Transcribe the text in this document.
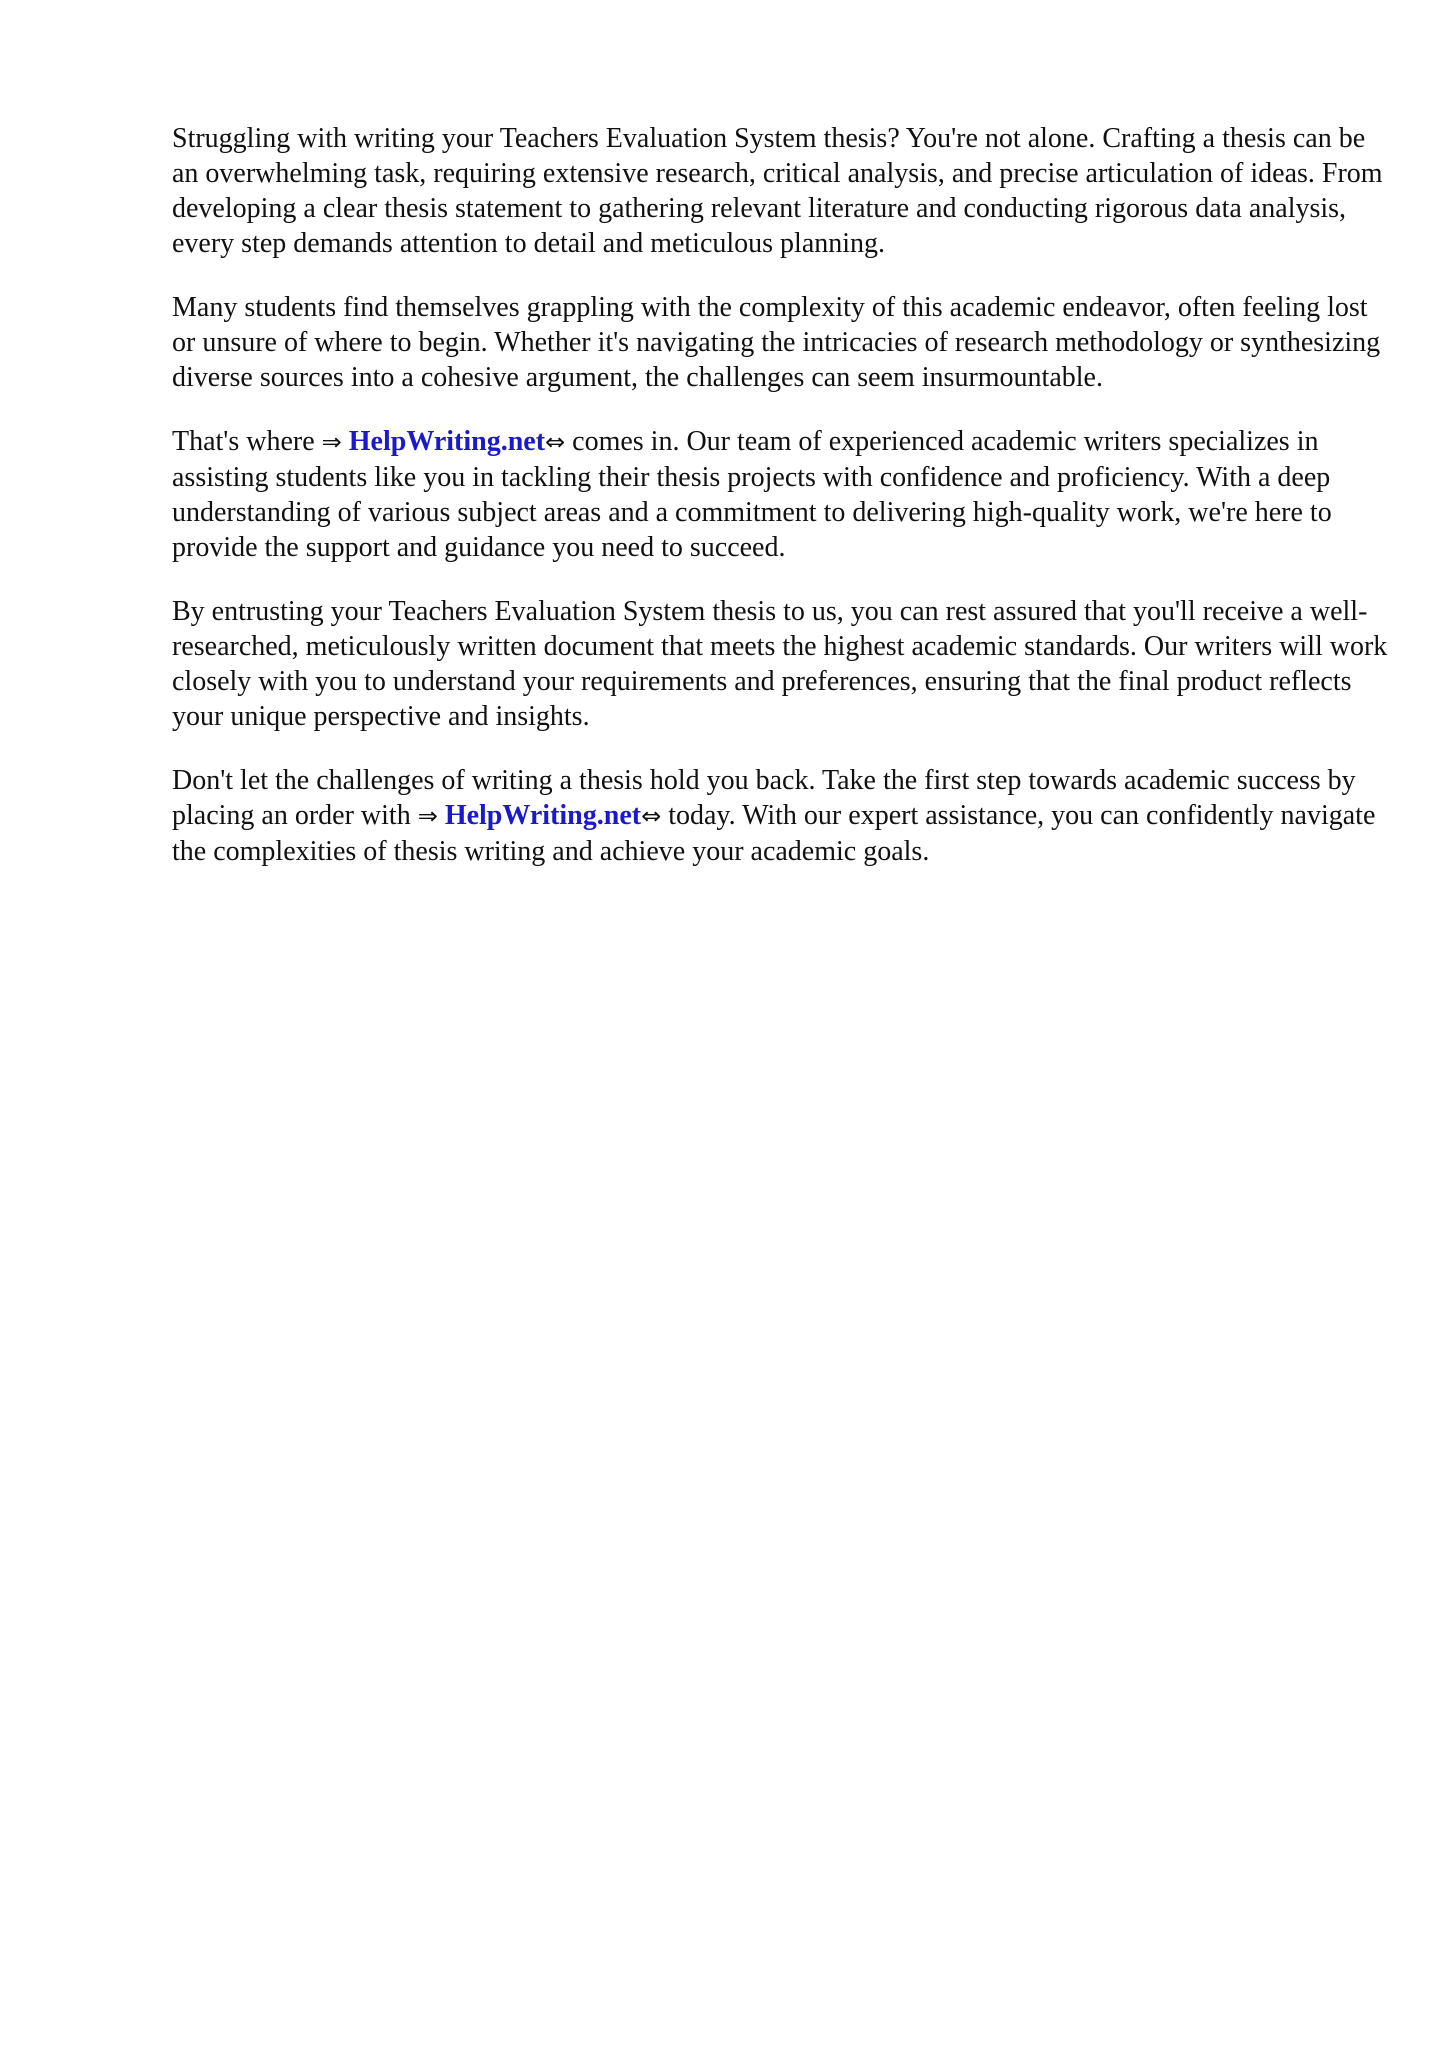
Struggling with writing your Teachers Evaluation System thesis? You're not alone. Crafting a thesis can be an overwhelming task, requiring extensive research, critical analysis, and precise articulation of ideas. From developing a clear thesis statement to gathering relevant literature and conducting rigorous data analysis, every step demands attention to detail and meticulous planning.

Many students find themselves grappling with the complexity of this academic endeavor, often feeling lost or unsure of where to begin. Whether it's navigating the intricacies of research methodology or synthesizing diverse sources into a cohesive argument, the challenges can seem insurmountable.

That's where ⇒ HelpWriting.net⇔ comes in. Our team of experienced academic writers specializes in assisting students like you in tackling their thesis projects with confidence and proficiency. With a deep understanding of various subject areas and a commitment to delivering high-quality work, we're here to provide the support and guidance you need to succeed.

By entrusting your Teachers Evaluation System thesis to us, you can rest assured that you'll receive a well-researched, meticulously written document that meets the highest academic standards. Our writers will work closely with you to understand your requirements and preferences, ensuring that the final product reflects your unique perspective and insights.

Don't let the challenges of writing a thesis hold you back. Take the first step towards academic success by placing an order with ⇒ HelpWriting.net⇔ today. With our expert assistance, you can confidently navigate the complexities of thesis writing and achieve your academic goals.
